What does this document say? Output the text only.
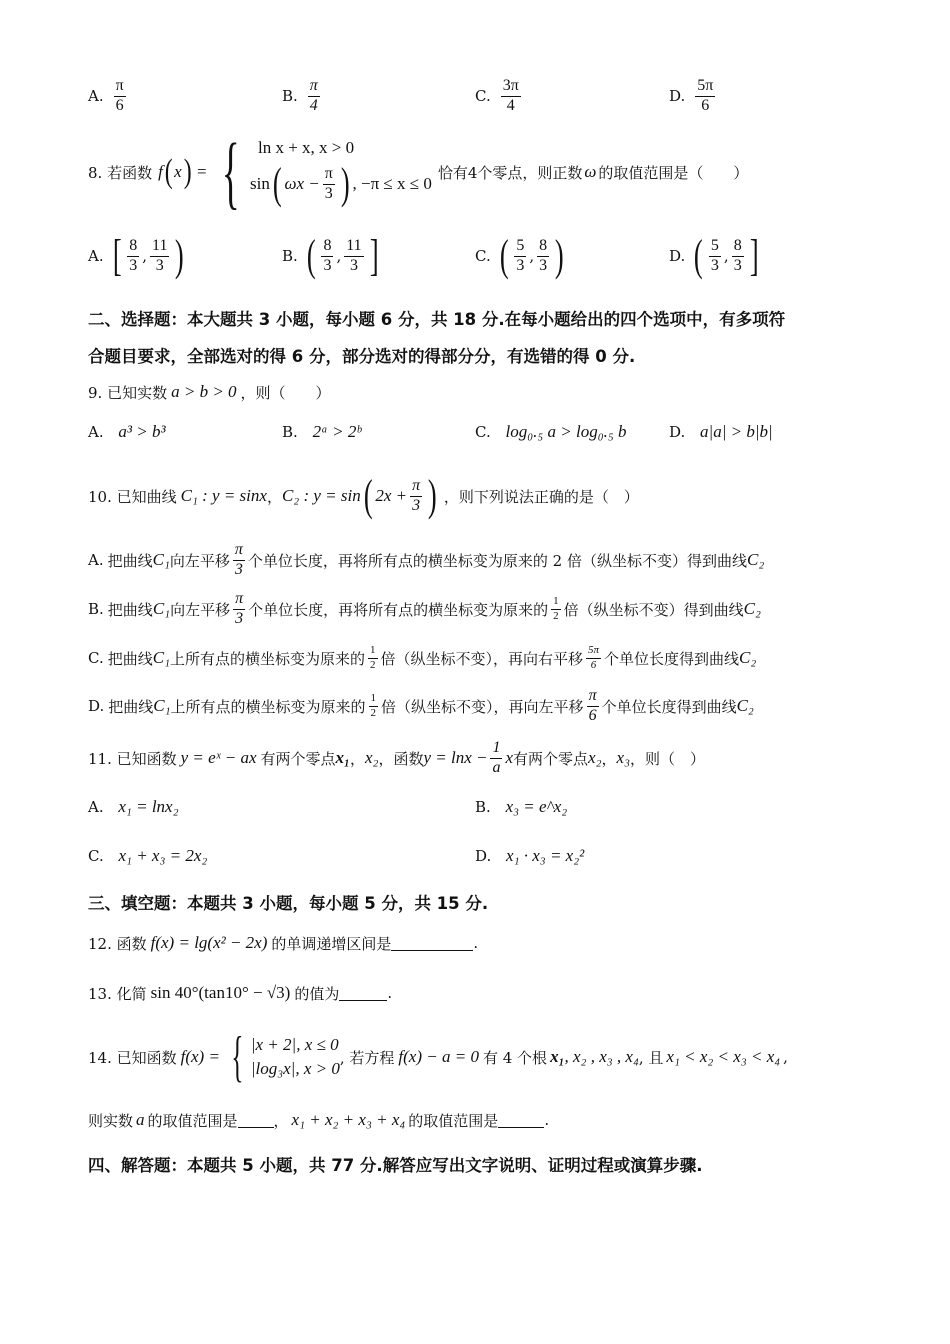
A. $\frac{\pi}{6}$	B. $\frac{\pi}{4}$	C. $\frac{3\pi}{4}$	D. $\frac{5\pi}{6}$
8. 若函数 f ( x ) = { ln x + x, x > 0
sin ( $\omega x - \frac{\pi}{3}$ ) , −π ≤ x ≤ 0
恰有4个零点，则正数 ω 的取值范围是（　　）
A. [ $\frac{8}{3}$ , $\frac{11}{3}$ )	B. ( $\frac{8}{3}$ , $\frac{11}{3}$ ]	C. ( $\frac{5}{3}$ , $\frac{8}{3}$ )	D. ( $\frac{5}{3}$ , $\frac{8}{3}$ ]
二、选择题：本大题共 3 小题，每小题 6 分，共 18 分.在每小题给出的四个选项中，有多项符
合题目要求，全部选对的得 6 分，部分选对的得部分分，有选错的得 0 分.
9. 已知实数 a > b > 0 ，则（　　）
A. a³ > b³	B. 2ᵃ > 2ᵇ	C. log₀.₅ a > log₀.₅ b	D. a|a| > b|b|
10. 已知曲线 C₁ : y = sinx ， C₂ : y = sin ( $2x + \frac{\pi}{3}$ ) ，则下列说法正确的是（　）
A. 把曲线 C₁ 向左平移 $\frac{\pi}{3}$ 个单位长度，再将所有点的横坐标变为原来的 2 倍（纵坐标不变）得到曲线 C₂
B. 把曲线 C₁ 向左平移 $\frac{\pi}{3}$ 个单位长度，再将所有点的横坐标变为原来的 $\frac{1}{2}$ 倍（纵坐标不变）得到曲线 C₂
C. 把曲线 C₁ 上所有点的横坐标变为原来的 $\frac{1}{2}$ 倍（纵坐标不变），再向右平移 $\frac{5\pi}{6}$ 个单位长度得到曲线 C₂
D. 把曲线 C₁ 上所有点的横坐标变为原来的 $\frac{1}{2}$ 倍（纵坐标不变），再向左平移 $\frac{\pi}{6}$ 个单位长度得到曲线 C₂
11. 已知函数 y = eˣ − ax 有两个零点 x₁ ， x₂ ，函数 $y = \ln x - \frac{1}{a}$ x 有两个零点 x₂ ， x₃ ，则（　）
A. x₁ = lnx₂	B. x₃ = e^x₂
C. x₁ + x₃ = 2x₂	D. x₁ · x₃ = x₂²
三、填空题：本题共 3 小题，每小题 5 分，共 15 分.
12. 函数 f(x) = lg(x² − 2x) 的单调递增区间是	.
13. 化简 sin 40°(tan10° − √3) 的值为	.
14. 已知函数 f(x) = { |x + 2|, x ≤ 0
|log₃x|, x > 0
, 若方程 f(x) − a = 0 有 4 个根 x₁ , x₂ , x₃ , x₄ , 且 x₁ < x₂ < x₃ < x₄ ,
则实数 a 的取值范围是 ， x₁ + x₂ + x₃ + x₄ 的取值范围是	.
四、解答题：本题共 5 小题，共 77 分.解答应写出文字说明、证明过程或演算步骤.
